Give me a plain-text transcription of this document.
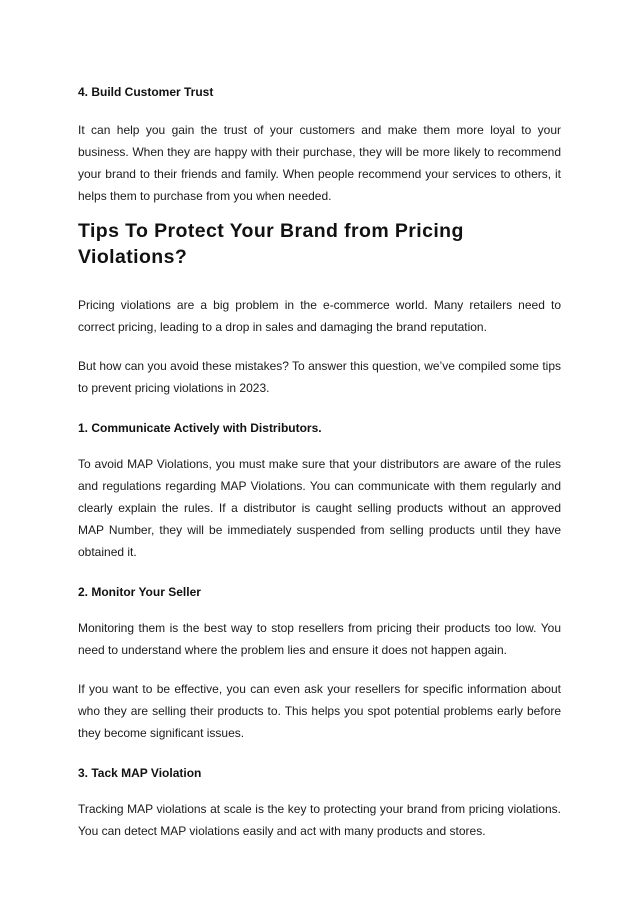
4. Build Customer Trust

It can help you gain the trust of your customers and make them more loyal to your business. When they are happy with their purchase, they will be more likely to recommend your brand to their friends and family. When people recommend your services to others, it helps them to purchase from you when needed.

Tips To Protect Your Brand from Pricing Violations?

Pricing violations are a big problem in the e-commerce world. Many retailers need to correct pricing, leading to a drop in sales and damaging the brand reputation.

But how can you avoid these mistakes? To answer this question, we’ve compiled some tips to prevent pricing violations in 2023.

1. Communicate Actively with Distributors.

To avoid MAP Violations, you must make sure that your distributors are aware of the rules and regulations regarding MAP Violations. You can communicate with them regularly and clearly explain the rules. If a distributor is caught selling products without an approved MAP Number, they will be immediately suspended from selling products until they have obtained it.

2. Monitor Your Seller

Monitoring them is the best way to stop resellers from pricing their products too low. You need to understand where the problem lies and ensure it does not happen again.

If you want to be effective, you can even ask your resellers for specific information about who they are selling their products to. This helps you spot potential problems early before they become significant issues.

3. Tack MAP Violation

Tracking MAP violations at scale is the key to protecting your brand from pricing violations. You can detect MAP violations easily and act with many products and stores.
